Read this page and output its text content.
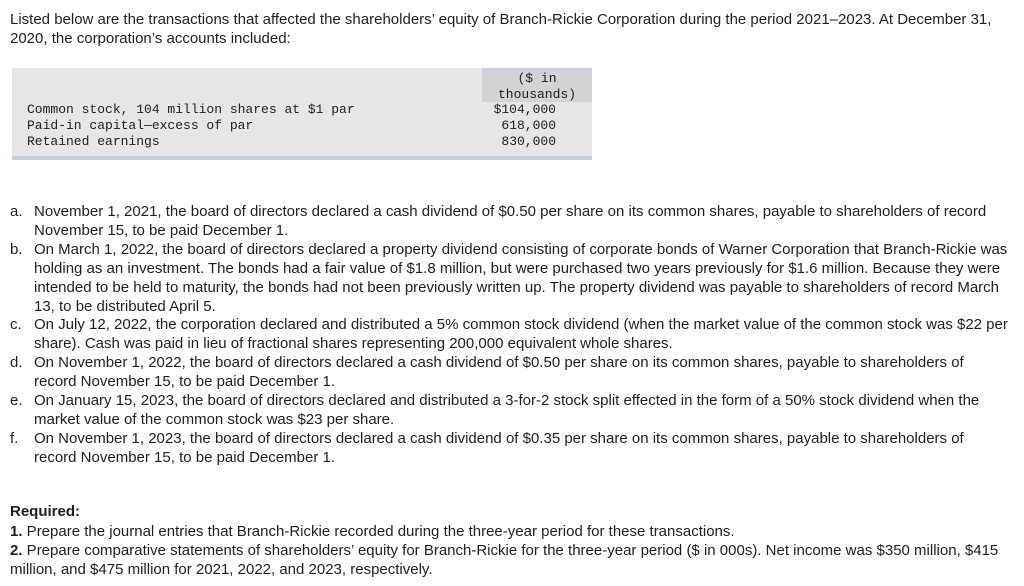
Listed below are the transactions that affected the shareholders’ equity of Branch-Rickie Corporation during the period 2021–2023. At December 31, 2020, the corporation’s accounts included:

($ in
thousands)
Common stock, 104 million shares at $1 par	$104,000
Paid-in capital—excess of par	618,000
Retained earnings	830,000
a. November 1, 2021, the board of directors declared a cash dividend of $0.50 per share on its common shares, payable to shareholders of record November 15, to be paid December 1.
b. On March 1, 2022, the board of directors declared a property dividend consisting of corporate bonds of Warner Corporation that Branch-Rickie was holding as an investment. The bonds had a fair value of $1.8 million, but were purchased two years previously for $1.6 million. Because they were intended to be held to maturity, the bonds had not been previously written up. The property dividend was payable to shareholders of record March 13, to be distributed April 5.
c. On July 12, 2022, the corporation declared and distributed a 5% common stock dividend (when the market value of the common stock was $22 per share). Cash was paid in lieu of fractional shares representing 200,000 equivalent whole shares.
d. On November 1, 2022, the board of directors declared a cash dividend of $0.50 per share on its common shares, payable to shareholders of record November 15, to be paid December 1.
e. On January 15, 2023, the board of directors declared and distributed a 3-for-2 stock split effected in the form of a 50% stock dividend when the market value of the common stock was $23 per share.
f.	On November 1, 2023, the board of directors declared a cash dividend of $0.35 per share on its common shares, payable to shareholders of record November 15, to be paid December 1.

Required:

1. Prepare the journal entries that Branch-Rickie recorded during the three-year period for these transactions.

2. Prepare comparative statements of shareholders’ equity for Branch-Rickie for the three-year period ($ in 000s). Net income was $350 million, $415 million, and $475 million for 2021, 2022, and 2023, respectively.
